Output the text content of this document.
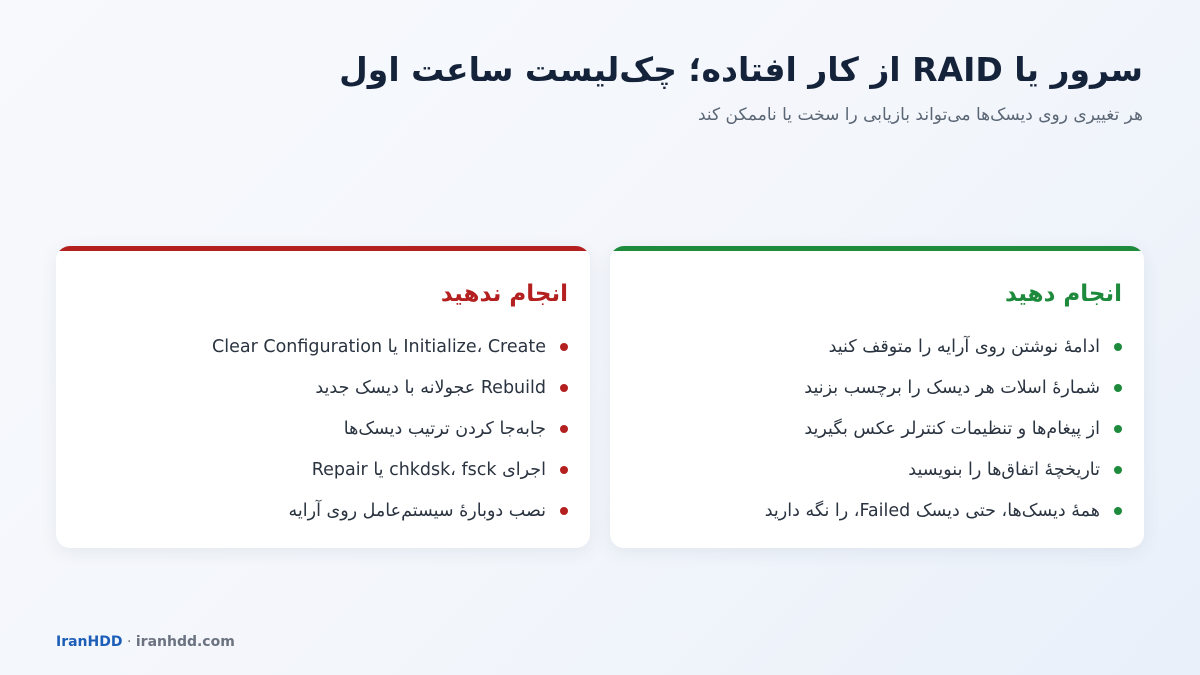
سرور یا RAID از کار افتاده؛ چک‌لیست ساعت اول

هر تغییری روی دیسک‌ها می‌تواند بازیابی را سخت یا ناممکن کند

انجام دهید
ادامهٔ نوشتن روی آرایه را متوقف کنید
شمارهٔ اسلات هر دیسک را برچسب بزنید
از پیغام‌ها و تنظیمات کنترلر عکس بگیرید
تاریخچهٔ اتفاق‌ها را بنویسید
همهٔ دیسک‌ها، حتی دیسک Failed، را نگه دارید
انجام ندهید
Initialize، Create یا Clear Configuration
Rebuild عجولانه با دیسک جدید
جابه‌جا کردن ترتیب دیسک‌ها
اجرای chkdsk، fsck یا Repair
نصب دوبارهٔ سیستم‌عامل روی آرایه
IranHDD · iranhdd.com
